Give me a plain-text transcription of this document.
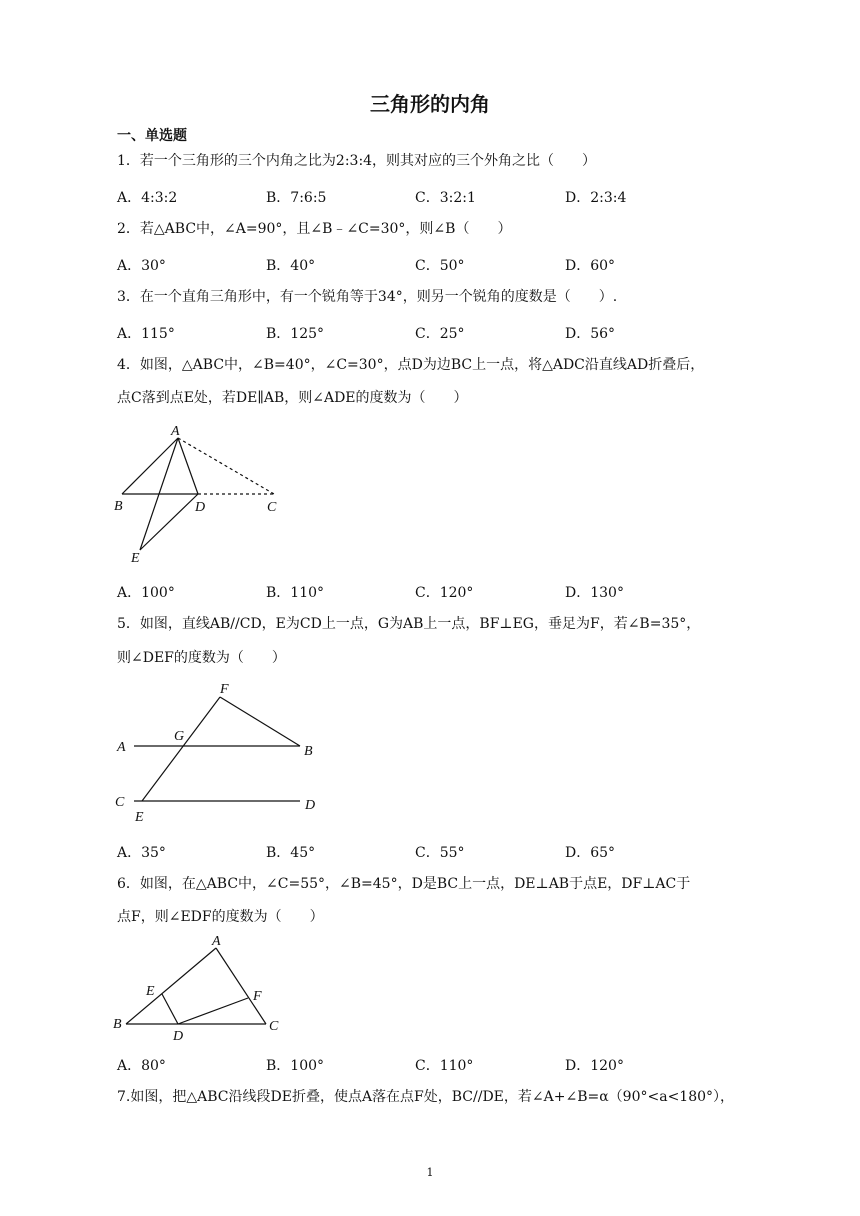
三角形的内角
一、单选题
1．若一个三角形的三个内角之比为2:3:4，则其对应的三个外角之比（　　）
A．4:3:2	B．7:6:5	C．3:2:1	D．2:3:4
2．若△ABC中，∠A=90°，且∠B﹣∠C=30°，则∠B（　　）
A．30°	B．40°	C．50°	D．60°
3．在一个直角三角形中，有一个锐角等于34°，则另一个锐角的度数是（　　）.
A．115°	B．125°	C．25°	D．56°
4．如图，△ABC中，∠B=40°，∠C=30°，点D为边BC上一点，将△ADC沿直线AD折叠后，
点C落到点E处，若DE∥AB，则∠ADE的度数为（　　）
A
B	D	C
E
A．100°	B．110°	C．120°	D．130°
5．如图，直线AB//CD，E为CD上一点，G为AB上一点，BF⊥EG，垂足为F，若∠B=35°，
则∠DEF的度数为（　　）
F
G
A	B
C
E
D
A．35°	B．45°	C．55°	D．65°
6．如图，在△ABC中，∠C=55°，∠B=45°，D是BC上一点，DE⊥AB于点E，DF⊥AC于
点F，则∠EDF的度数为（　　）
A
E	F
B
D
C
A．80°	B．100°	C．110°	D．120°
7.如图，把△ABC沿线段DE折叠，使点A落在点F处，BC//DE，若∠A+∠B=α（90°<a<180°），
1
